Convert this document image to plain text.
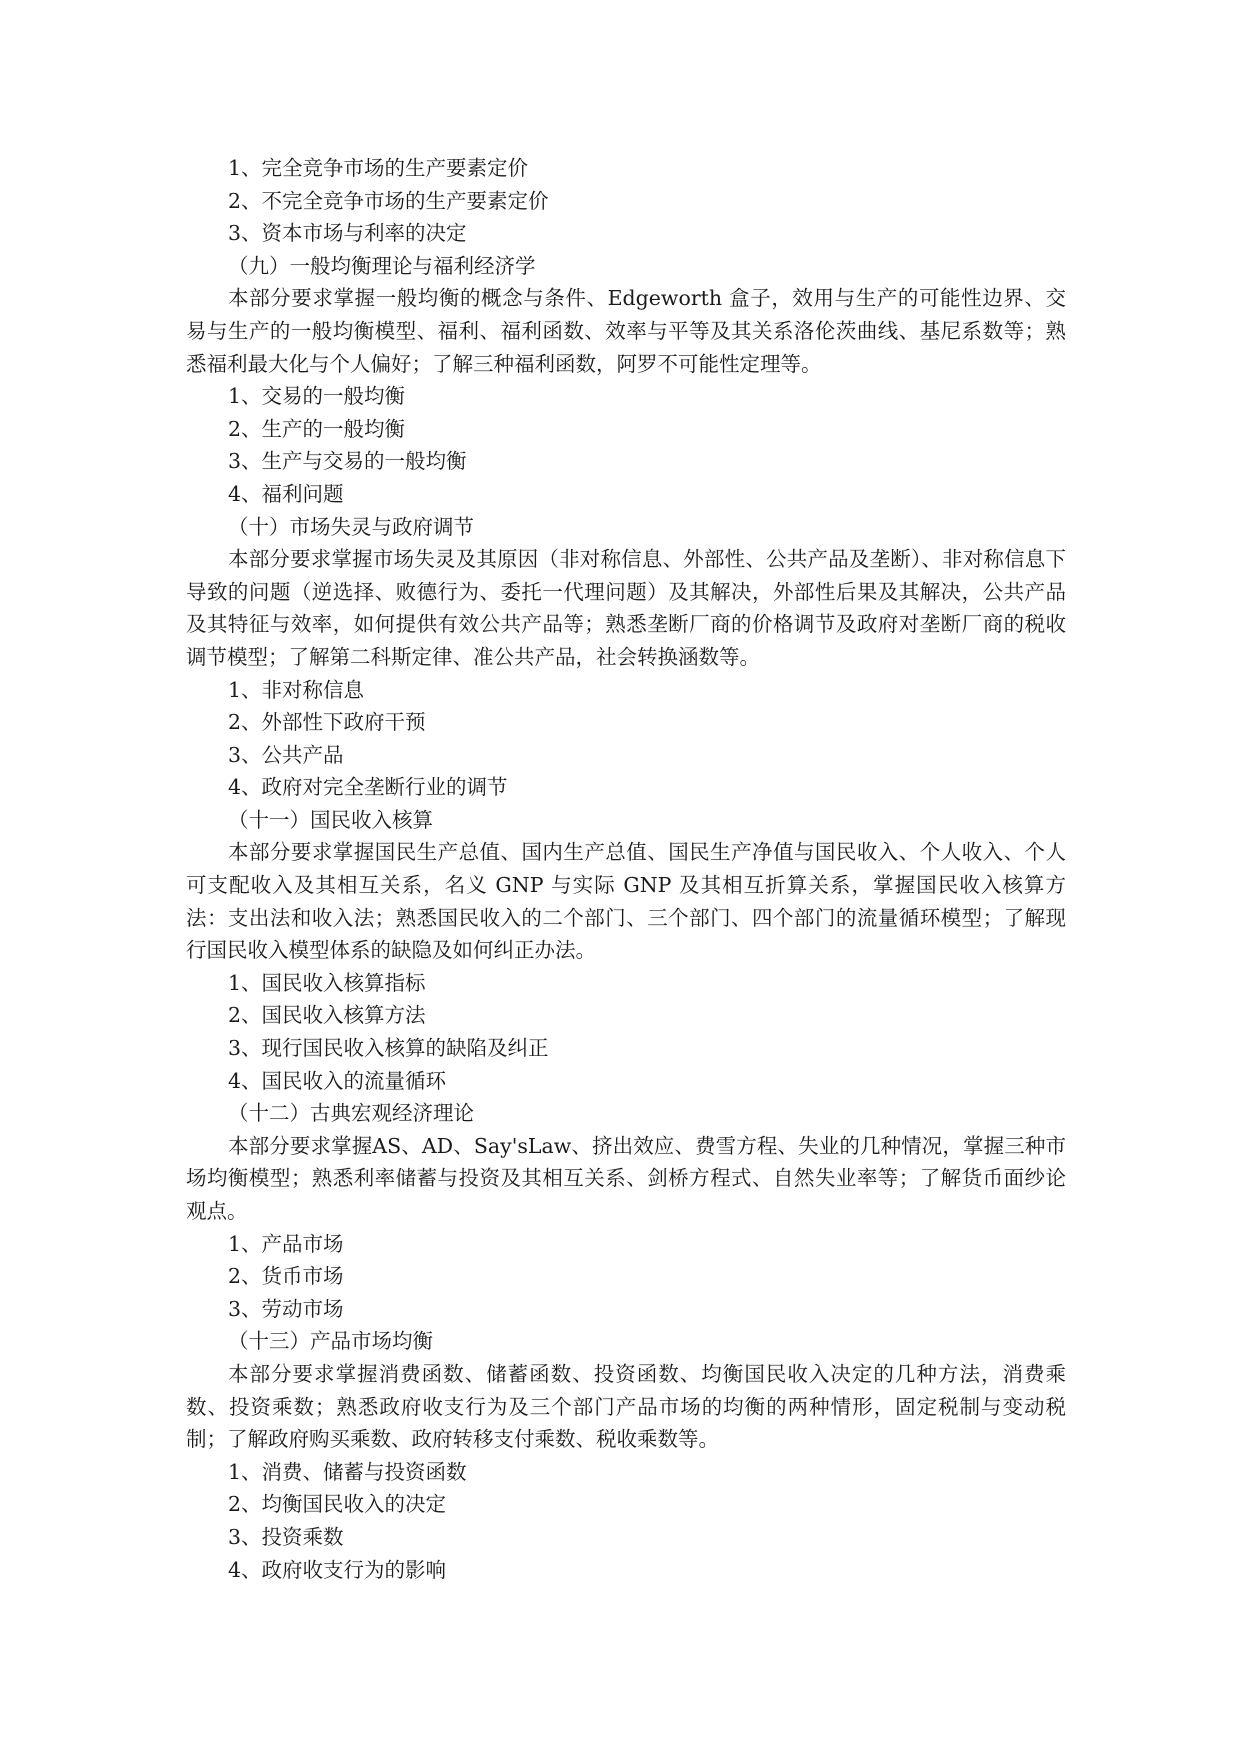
1、完全竞争市场的生产要素定价
2、不完全竞争市场的生产要素定价
3、资本市场与利率的决定
（九）一般均衡理论与福利经济学

本部分要求掌握一般均衡的概念与条件、Edgeworth 盒子，效用与生产的可能性边界、交易与生产的一般均衡模型、福利、福利函数、效率与平等及其关系洛伦茨曲线、基尼系数等；熟悉福利最大化与个人偏好；了解三种福利函数，阿罗不可能性定理等。

1、交易的一般均衡
2、生产的一般均衡
3、生产与交易的一般均衡
4、福利问题
（十）市场失灵与政府调节

本部分要求掌握市场失灵及其原因（非对称信息、外部性、公共产品及垄断）、非对称信息下导致的问题（逆选择、败德行为、委托一代理问题）及其解决，外部性后果及其解决，公共产品及其特征与效率，如何提供有效公共产品等；熟悉垄断厂商的价格调节及政府对垄断厂商的税收调节模型；了解第二科斯定律、准公共产品，社会转换涵数等。

1、非对称信息
2、外部性下政府干预
3、公共产品
4、政府对完全垄断行业的调节
（十一）国民收入核算

本部分要求掌握国民生产总值、国内生产总值、国民生产净值与国民收入、个人收入、个人可支配收入及其相互关系，名义 GNP 与实际 GNP 及其相互折算关系，掌握国民收入核算方法：支出法和收入法；熟悉国民收入的二个部门、三个部门、四个部门的流量循环模型；了解现行国民收入模型体系的缺隐及如何纠正办法。

1、国民收入核算指标
2、国民收入核算方法
3、现行国民收入核算的缺陷及纠正
4、国民收入的流量循环
（十二）古典宏观经济理论

本部分要求掌握AS、AD、Say'sLaw、挤出效应、费雪方程、失业的几种情况，掌握三种市场均衡模型；熟悉利率储蓄与投资及其相互关系、剑桥方程式、自然失业率等；了解货币面纱论观点。

1、产品市场
2、货币市场
3、劳动市场
（十三）产品市场均衡

本部分要求掌握消费函数、储蓄函数、投资函数、均衡国民收入决定的几种方法，消费乘数、投资乘数；熟悉政府收支行为及三个部门产品市场的均衡的两种情形，固定税制与变动税制；了解政府购买乘数、政府转移支付乘数、税收乘数等。

1、消费、储蓄与投资函数
2、均衡国民收入的决定
3、投资乘数
4、政府收支行为的影响
